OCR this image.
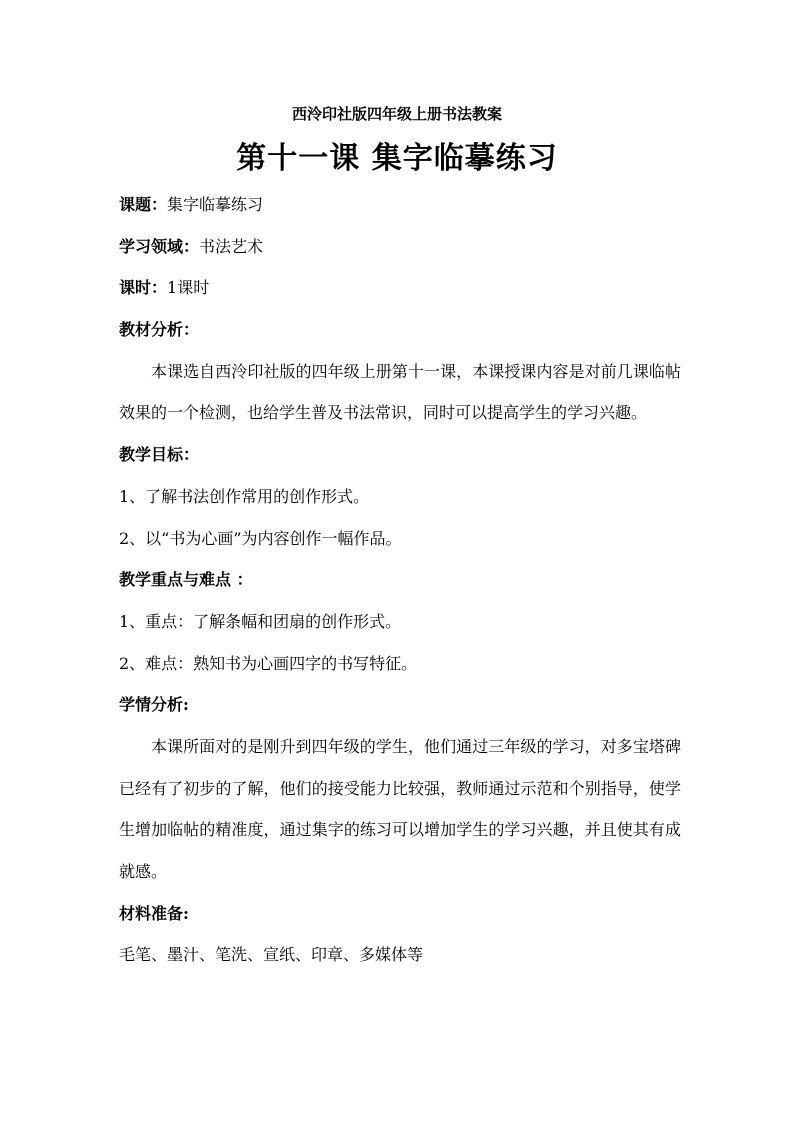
西泠印社版四年级上册书法教案
第十一课 集字临摹练习
课题：集字临摹练习
学习领域：书法艺术
课时：1课时
教材分析：

本课选自西泠印社版的四年级上册第十一课，本课授课内容是对前几课临帖效果的一个检测，也给学生普及书法常识，同时可以提高学生的学习兴趣。

教学目标：
1、了解书法创作常用的创作形式。
2、以“书为心画”为内容创作一幅作品。
教学重点与难点 ：
1、重点：了解条幅和团扇的创作形式。
2、难点：熟知书为心画四字的书写特征。
学情分析:

本课所面对的是刚升到四年级的学生，他们通过三年级的学习，对多宝塔碑已经有了初步的了解，他们的接受能力比较强，教师通过示范和个别指导，使学生增加临帖的精准度，通过集字的练习可以增加学生的学习兴趣，并且使其有成就感。

材料准备:
毛笔、墨汁、笔洗、宣纸、印章、多媒体等
